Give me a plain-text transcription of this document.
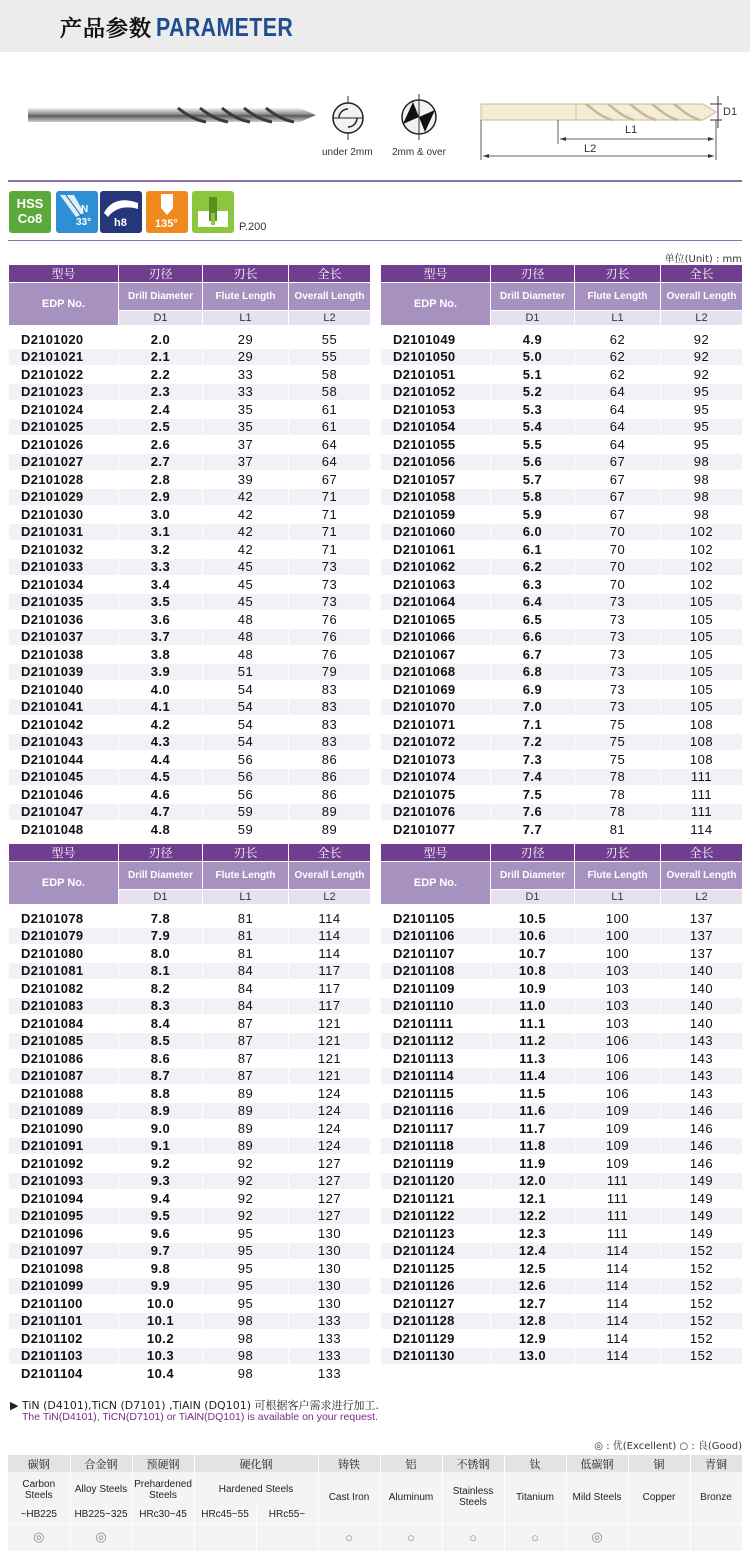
产品参数 PARAMETER
under 2mm 2mm & over
D1
L1
L2
HSS
Co8
N
33° h8	135°	P.200
单位(Unit) : mm
型号	刃径	刃长	全长
EDP No.	Drill Diameter	Flute Length	Overall Length
	D1	L1	L2

D2101020	2.0	29	55
D2101021	2.1	29	55
D2101022	2.2	33	58
D2101023	2.3	33	58
D2101024	2.4	35	61
D2101025	2.5	35	61
D2101026	2.6	37	64
D2101027	2.7	37	64
D2101028	2.8	39	67
D2101029	2.9	42	71
D2101030	3.0	42	71
D2101031	3.1	42	71
D2101032	3.2	42	71
D2101033	3.3	45	73
D2101034	3.4	45	73
D2101035	3.5	45	73
D2101036	3.6	48	76
D2101037	3.7	48	76
D2101038	3.8	48	76
D2101039	3.9	51	79
D2101040	4.0	54	83
D2101041	4.1	54	83
D2101042	4.2	54	83
D2101043	4.3	54	83
D2101044	4.4	56	86
D2101045	4.5	56	86
D2101046	4.6	56	86
D2101047	4.7	59	89
D2101048	4.8	59	89
型号	刃径	刃长	全长
EDP No.	Drill Diameter	Flute Length	Overall Length
	D1	L1	L2

D2101049	4.9	62	92
D2101050	5.0	62	92
D2101051	5.1	62	92
D2101052	5.2	64	95
D2101053	5.3	64	95
D2101054	5.4	64	95
D2101055	5.5	64	95
D2101056	5.6	67	98
D2101057	5.7	67	98
D2101058	5.8	67	98
D2101059	5.9	67	98
D2101060	6.0	70	102
D2101061	6.1	70	102
D2101062	6.2	70	102
D2101063	6.3	70	102
D2101064	6.4	73	105
D2101065	6.5	73	105
D2101066	6.6	73	105
D2101067	6.7	73	105
D2101068	6.8	73	105
D2101069	6.9	73	105
D2101070	7.0	73	105
D2101071	7.1	75	108
D2101072	7.2	75	108
D2101073	7.3	75	108
D2101074	7.4	78	111
D2101075	7.5	78	111
D2101076	7.6	78	111
D2101077	7.7	81	114
型号	刃径	刃长	全长
EDP No.	Drill Diameter	Flute Length	Overall Length
	D1	L1	L2

D2101078	7.8	81	114
D2101079	7.9	81	114
D2101080	8.0	81	114
D2101081	8.1	84	117
D2101082	8.2	84	117
D2101083	8.3	84	117
D2101084	8.4	87	121
D2101085	8.5	87	121
D2101086	8.6	87	121
D2101087	8.7	87	121
D2101088	8.8	89	124
D2101089	8.9	89	124
D2101090	9.0	89	124
D2101091	9.1	89	124
D2101092	9.2	92	127
D2101093	9.3	92	127
D2101094	9.4	92	127
D2101095	9.5	92	127
D2101096	9.6	95	130
D2101097	9.7	95	130
D2101098	9.8	95	130
D2101099	9.9	95	130
D2101100	10.0	95	130
D2101101	10.1	98	133
D2101102	10.2	98	133
D2101103	10.3	98	133
D2101104	10.4	98	133
型号	刃径	刃长	全长
EDP No.	Drill Diameter	Flute Length	Overall Length
	D1	L1	L2

D2101105	10.5	100	137
D2101106	10.6	100	137
D2101107	10.7	100	137
D2101108	10.8	103	140
D2101109	10.9	103	140
D2101110	11.0	103	140
D2101111	11.1	103	140
D2101112	11.2	106	143
D2101113	11.3	106	143
D2101114	11.4	106	143
D2101115	11.5	106	143
D2101116	11.6	109	146
D2101117	11.7	109	146
D2101118	11.8	109	146
D2101119	11.9	109	146
D2101120	12.0	111	149
D2101121	12.1	111	149
D2101122	12.2	111	149
D2101123	12.3	111	149
D2101124	12.4	114	152
D2101125	12.5	114	152
D2101126	12.6	114	152
D2101127	12.7	114	152
D2101128	12.8	114	152
D2101129	12.9	114	152
D2101130	13.0	114	152

▶ TiN (D4101),TiCN (D7101) ,TiAlN (DQ101) 可根据客户需求进行加工.
The TiN(D4101), TiCN(D7101) or TiAlN(DQ101) is available on your request.
◎ : 优(Excellent) ○ : 良(Good)
碳钢	合金钢	预硬钢	硬化钢		铸铁	铝	不锈钢	钛	低碳钢	铜	青铜
Carbon Steels	Alloy Steels	Prehardened Steels	Hardened Steels		Cast Iron	Aluminum	Stainless Steels	Titanium	Mild Steels	Copper	Bronze
~HB225	HB225~325	HRc30~45	HRc45~55	HRc55~							
◎	◎				○	○	○	○	◎		
